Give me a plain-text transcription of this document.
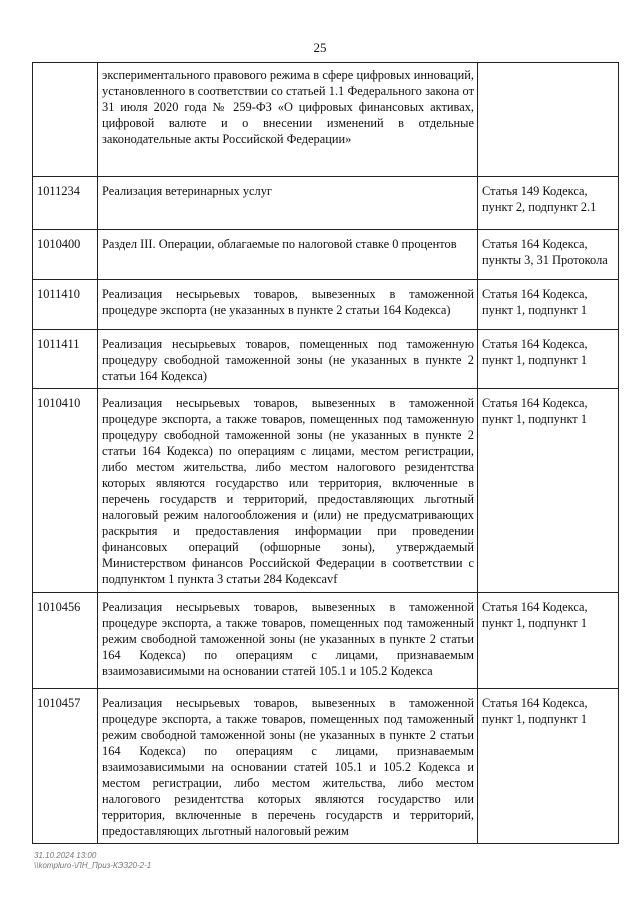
25
	экспериментального правового режима в сфере цифровых инноваций, установленного в соответствии со статьей 1.1 Федерального закона от 31 июля 2020 года № 259-ФЗ «О цифровых финансовых активах, цифровой валюте и о внесении изменений в отдельные законодательные акты Российской Федерации»	
1011234	Реализация ветеринарных услуг	Статья 149 Кодекса, пункт 2, подпункт 2.1
1010400	Раздел III. Операции, облагаемые по налоговой ставке 0 процентов	Статья 164 Кодекса, пункты 3, 31 Протокола
1011410	Реализация несырьевых товаров, вывезенных в таможенной процедуре экспорта (не указанных в пункте 2 статьи 164 Кодекса)	Статья 164 Кодекса, пункт 1, подпункт 1
1011411	Реализация несырьевых товаров, помещенных под таможенную процедуру свободной таможенной зоны (не указанных в пункте 2 статьи 164 Кодекса)	Статья 164 Кодекса, пункт 1, подпункт 1
1010410	Реализация несырьевых товаров, вывезенных в таможенной процедуре экспорта, а также товаров, помещенных под таможенную процедуру свободной таможенной зоны (не указанных в пункте 2 статьи 164 Кодекса) по операциям с лицами, местом регистрации, либо местом жительства, либо местом налогового резидентства которых являются государство или территория, включенные в перечень государств и территорий, предоставляющих льготный налоговый режим налогообложения и (или) не предусматривающих раскрытия и предоставления информации при проведении финансовых операций (офшорные зоны), утверждаемый Министерством финансов Российской Федерации в соответствии с подпунктом 1 пункта 3 статьи 284 Кодексavf	Статья 164 Кодекса, пункт 1, подпункт 1
1010456	Реализация несырьевых товаров, вывезенных в таможенной процедуре экспорта, а также товаров, помещенных под таможенный режим свободной таможенной зоны (не указанных в пункте 2 статьи 164 Кодекса) по операциям с лицами, признаваемым взаимозависимыми на основании статей 105.1 и 105.2 Кодекса	Статья 164 Кодекса, пункт 1, подпункт 1
1010457	Реализация несырьевых товаров, вывезенных в таможенной процедуре экспорта, а также товаров, помещенных под таможенный режим свободной таможенной зоны (не указанных в пункте 2 статьи 164 Кодекса) по операциям с лицами, признаваемым взаимозависимыми на основании статей 105.1 и 105.2 Кодекса и местом регистрации, либо местом жительства, либо местом налогового резидентства которых являются государство или территория, включенные в перечень государств и территорий, предоставляющих льготный налоговый режим	Статья 164 Кодекса, пункт 1, подпункт 1
31.10.2024 13:00
\\kompluro-\ЛН_Приз-КЭЗ20-2-1
